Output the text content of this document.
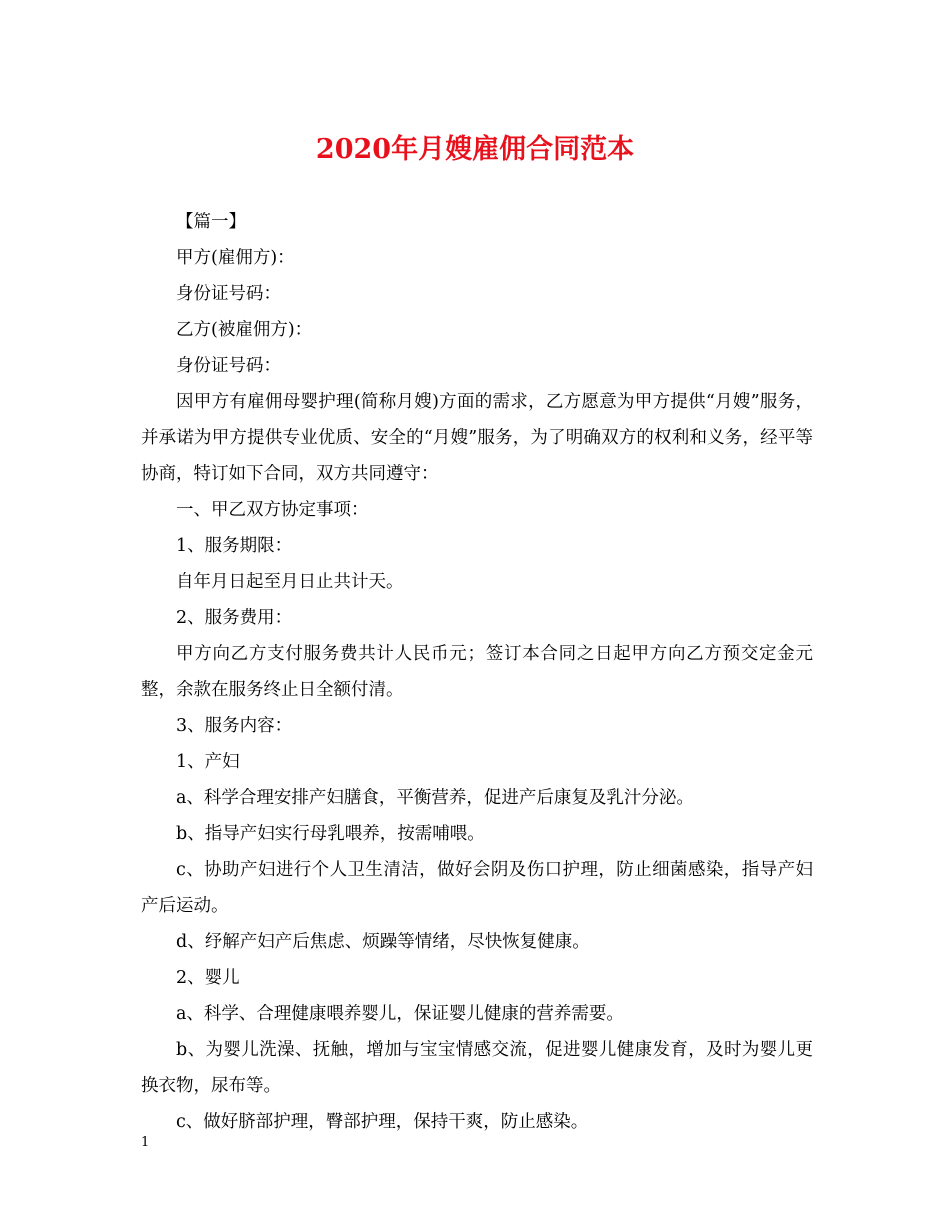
2020年月嫂雇佣合同范本

【篇一】

甲方(雇佣方)：

身份证号码：

乙方(被雇佣方)：

身份证号码：

因甲方有雇佣母婴护理(简称月嫂)方面的需求，乙方愿意为甲方提供“月嫂”服务，并承诺为甲方提供专业优质、安全的“月嫂”服务，为了明确双方的权利和义务，经平等协商，特订如下合同，双方共同遵守：

一、甲乙双方协定事项：

1、服务期限：

自年月日起至月日止共计天。

2、服务费用：

甲方向乙方支付服务费共计人民币元；签订本合同之日起甲方向乙方预交定金元整，余款在服务终止日全额付清。

3、服务内容：

1、产妇

a、科学合理安排产妇膳食，平衡营养，促进产后康复及乳汁分泌。

b、指导产妇实行母乳喂养，按需哺喂。

c、协助产妇进行个人卫生清洁，做好会阴及伤口护理，防止细菌感染，指导产妇产后运动。

d、纾解产妇产后焦虑、烦躁等情绪，尽快恢复健康。

2、婴儿

a、科学、合理健康喂养婴儿，保证婴儿健康的营养需要。

b、为婴儿洗澡、抚触，增加与宝宝情感交流，促进婴儿健康发育，及时为婴儿更换衣物，尿布等。

c、做好脐部护理，臀部护理，保持干爽，防止感染。

1
